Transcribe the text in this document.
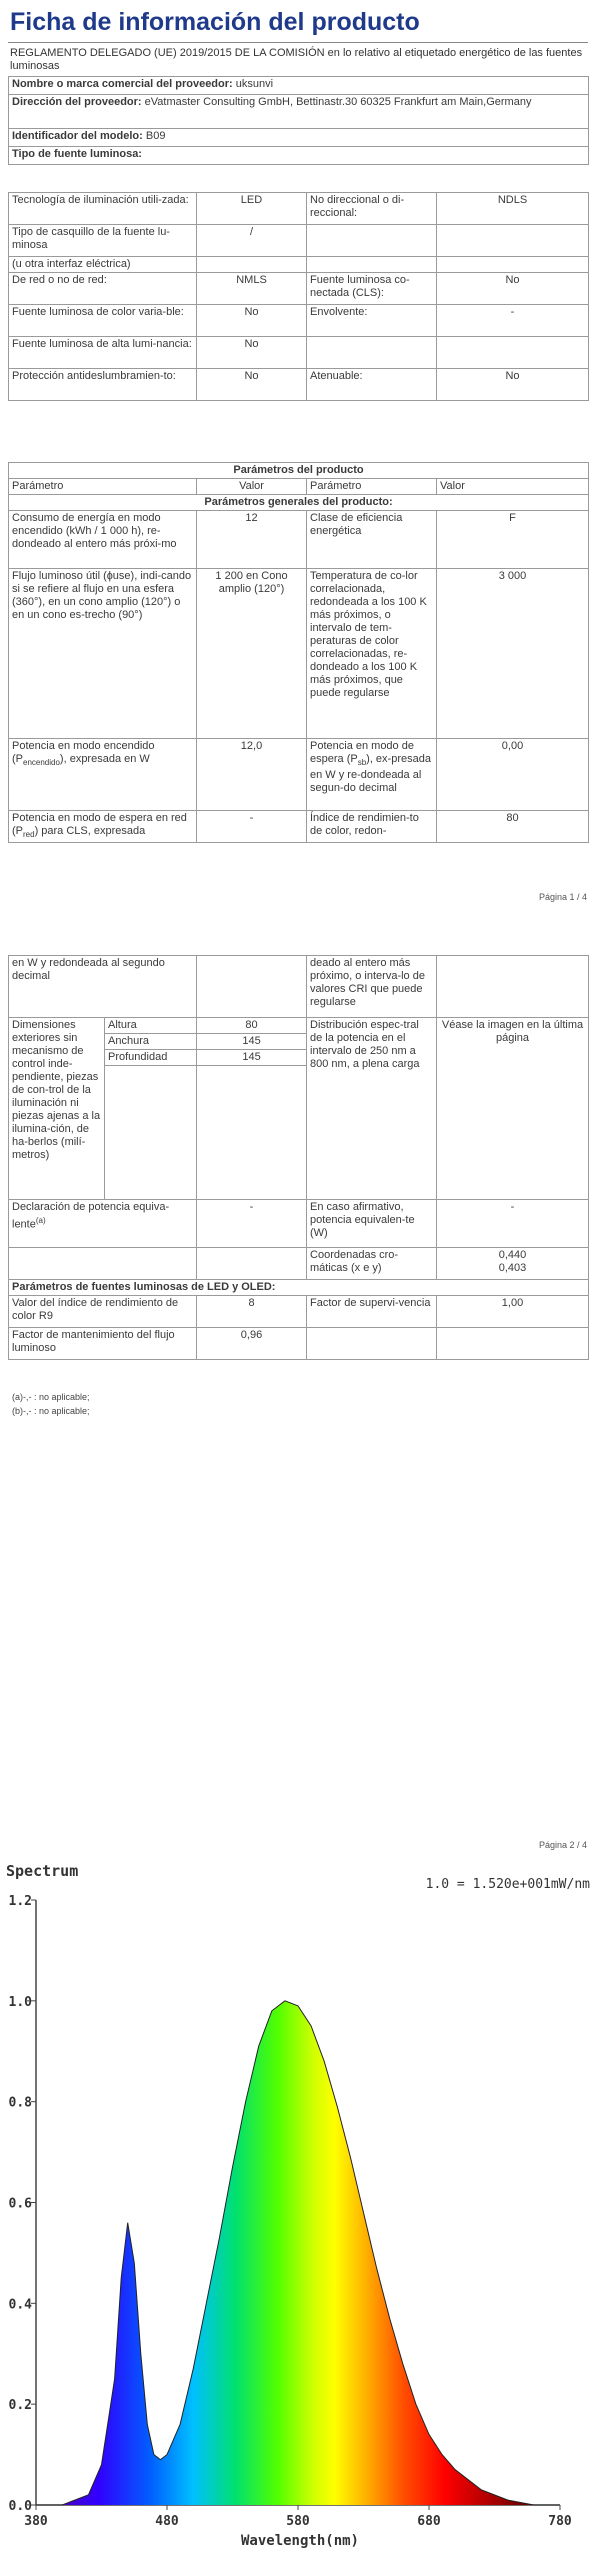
Ficha de información del producto
REGLAMENTO DELEGADO (UE) 2019/2015 DE LA COMISIÓN en lo relativo al etiquetado energético de las fuentes luminosas
Nombre o marca comercial del proveedor: uksunvi
Dirección del proveedor: eVatmaster Consulting GmbH, Bettinastr.30 60325 Frankfurt am Main,Germany
Identificador del modelo: B09
Tipo de fuente luminosa:
Tecnología de iluminación utili-zada:	LED	No direccional o di-reccional:	NDLS
Tipo de casquillo de la fuente lu-minosa	/		
(u otra interfaz eléctrica)			
De red o no de red:	NMLS	Fuente luminosa co-nectada (CLS):	No
Fuente luminosa de color varia-ble:	No	Envolvente:	-
Fuente luminosa de alta lumi-nancia:	No		
Protección antideslumbramien-to:	No	Atenuable:	No
Parámetros del producto			
Parámetro	Valor	Parámetro	Valor
Parámetros generales del producto:			
Consumo de energía en modo encendido (kWh / 1 000 h), re-dondeado al entero más próxi-mo	12	Clase de eficiencia energética	F
Flujo luminoso útil (ɸuse), indi-cando si se refiere al flujo en una esfera (360°), en un cono amplio (120°) o en un cono es-trecho (90°)	1 200 en Cono amplio (120°)	Temperatura de co-lor correlacionada, redondeada a los 100 K más próximos, o intervalo de tem-peraturas de color correlacionadas, re-dondeado a los 100 K más próximos, que puede regularse	3 000
Potencia en modo encendido $(P_{encendido})$, expresada en W	12,0	Potencia en modo de espera $(P_{sb})$, ex-presada en W y re-dondeada al segun-do decimal	0,00
Potencia en modo de espera en red $(P_{red})$ para CLS, expresada	-	Índice de rendimien-to de color, redon-	80
Página 1 / 4
en W y redondeada al segundo decimal			deado al entero más próximo, o interva-lo de valores CRI que puede regularse	
Dimensiones exteriores sin mecanismo de control inde-pendiente, piezas de con-trol de la iluminación ni piezas ajenas a la ilumina-ción, de ha-berlos (milí-metros)	Altura	80	Distribución espec-tral de la potencia en el intervalo de 250 nm a 800 nm, a plena carga	Véase la imagen en la última página
	Anchura	145		
	Profundidad	145		

Declaración de potencia equiva-lente$^{(a)}$		-	En caso afirmativo, potencia equivalen-te (W)	-
			Coordenadas cro-máticas (x e y)	0,440
0,403

Parámetros de fuentes luminosas de LED y OLED:				
Valor del índice de rendimiento de color R9		8	Factor de supervi-vencia	1,00
Factor de mantenimiento del flujo luminoso		0,96		
(a)-,- : no aplicable;
(b)-,- : no aplicable;
Página 2 / 4
Spectrum
1.0 = 1.520e+001mW/nm
380	480	580	680	780
0.0
0.2
0.4
0.6
0.8
1.0
1.2
Wavelength(nm)
